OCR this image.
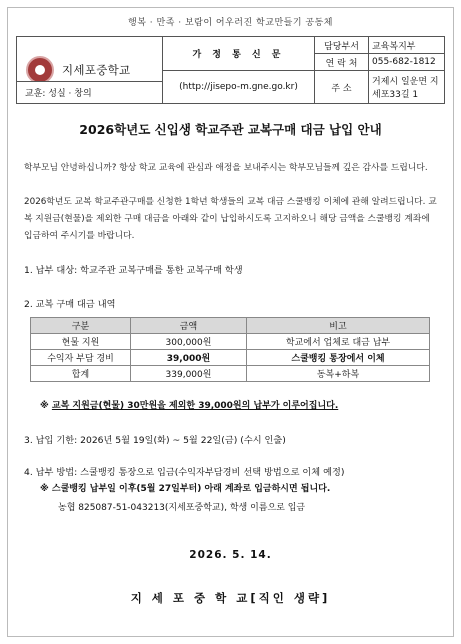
행복 · 만족 · 보람이 어우러진 학교만들기 공동체
지세포중학교	가 정 통 신 문	담당부서	교육복지부
		연 락 처	055-682-1812
	(http://jisepo-m.gne.go.kr)	주 소	거제시 일운면 지세포33길 1
교훈: 성실 · 창의
2026학년도 신입생 학교주관 교복구매 대금 납입 안내
학부모님 안녕하십니까? 항상 학교 교육에 관심과 애정을 보내주시는 학부모님들께 깊은 감사를 드립니다.
2026학년도 교복 학교주관구매를 신청한 1학년 학생들의 교복 대금 스쿨뱅킹 이체에 관해 알려드립니다. 교복 지원금(현물)을 제외한 구매 대금을 아래와 같이 납입하시도록 고지하오니 해당 금액을 스쿨뱅킹 계좌에 입금하여 주시기를 바랍니다.
1. 납부 대상: 학교주관 교복구매를 통한 교복구매 학생
2. 교복 구매 대금 내역
구분	금액	비고
현물 지원	300,000원	학교에서 업체로 대금 납부
수익자 부담 경비	39,000원	스쿨뱅킹 통장에서 이체
합계	339,000원	동복+하복
※ 교복 지원금(현물) 30만원을 제외한 39,000원의 납부가 이루어집니다.
3. 납입 기한: 2026년 5월 19일(화) ~ 5월 22일(금) (수시 인출)
4. 납부 방법: 스쿨뱅킹 통장으로 입금(수익자부담경비 선택 방법으로 이체 예정)
※ 스쿨뱅킹 납부일 이후(5월 27일부터) 아래 계좌로 입금하시면 됩니다.
농협 825087-51-043213(지세포중학교), 학생 이름으로 입금
2026. 5. 14.
지 세 포 중 학 교[직인 생략]
